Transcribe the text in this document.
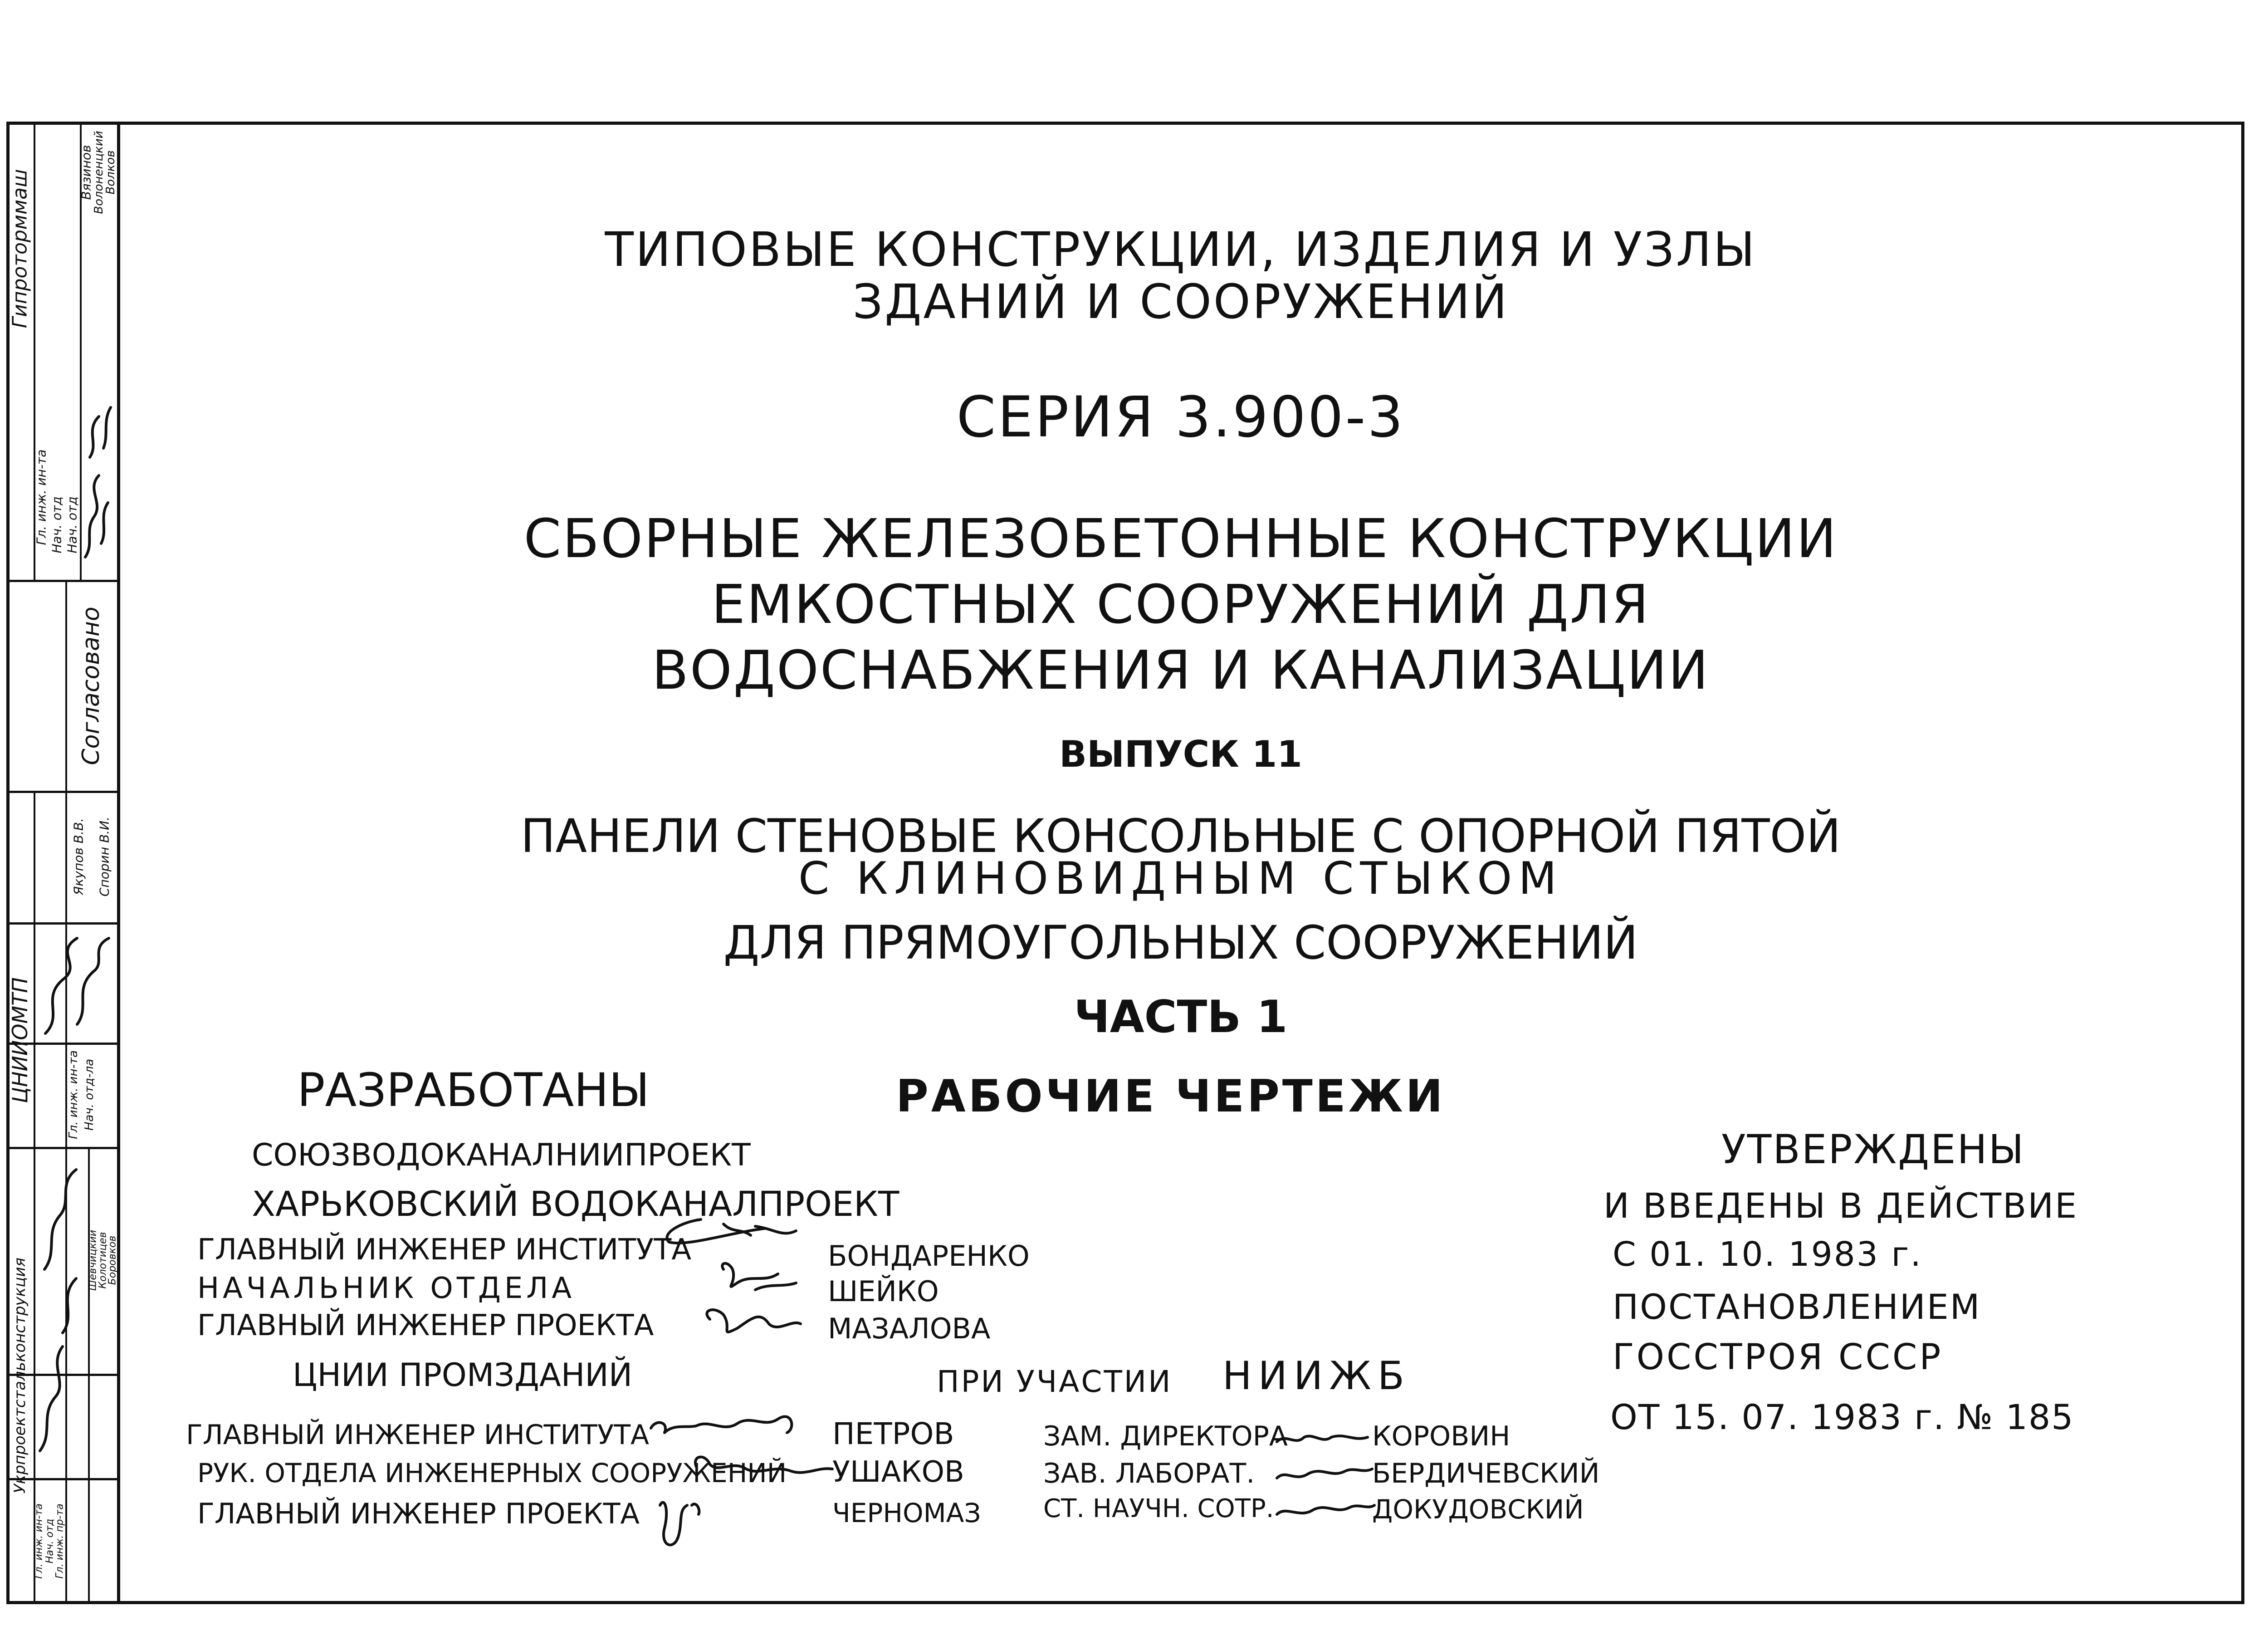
Гипроторммаш
Гл. инж. ин-та Нач. отд Нач. отд
Вязинов
Волоненцкий
Волков
Согласовано
ЦНИИОМТП	Гл. инж. ин-та Нач. отд-ла
Якупов В.В. Спорин В.И.
Укрпроектстальконструкция
Гл. инж. ин-та Нач. отд
Гл. инж. пр-та
Шевчицкий
Колотицев
Боровков
ТИПОВЫЕ КОНСТРУКЦИИ, ИЗДЕЛИЯ И УЗЛЫ
ЗДАНИЙ И СООРУЖЕНИЙ
СЕРИЯ 3.900-3
СБОРНЫЕ ЖЕЛЕЗОБЕТОННЫЕ КОНСТРУКЦИИ
ЕМКОСТНЫХ СООРУЖЕНИЙ ДЛЯ
ВОДОСНАБЖЕНИЯ И КАНАЛИЗАЦИИ
ВЫПУСК 11
ПАНЕЛИ СТЕНОВЫЕ КОНСОЛЬНЫЕ С ОПОРНОЙ ПЯТОЙ
С КЛИНОВИДНЫМ СТЫКОМ
ДЛЯ ПРЯМОУГОЛЬНЫХ СООРУЖЕНИЙ
ЧАСТЬ 1
РАБОЧИЕ ЧЕРТЕЖИ
РАЗРАБОТАНЫ
СОЮЗВОДОКАНАЛНИИПРОЕКТ
ХАРЬКОВСКИЙ ВОДОКАНАЛПРОЕКТ
ГЛАВНЫЙ ИНЖЕНЕР ИНСТИТУТА	БОНДАРЕНКО
НАЧАЛЬНИК ОТДЕЛА	ШЕЙКО
ГЛАВНЫЙ ИНЖЕНЕР ПРОЕКТА	МАЗАЛОВА
ЦНИИ ПРОМЗДАНИЙ	ПРИ УЧАСТИИ НИИЖБ
ГЛАВНЫЙ ИНЖЕНЕР ИНСТИТУТА	ПЕТРОВ
РУК. ОТДЕЛА ИНЖЕНЕРНЫХ СООРУЖЕНИЙ УШАКОВ
ГЛАВНЫЙ ИНЖЕНЕР ПРОЕКТА	ЧЕРНОМАЗ
ЗАМ. ДИРЕКТОРА	КОРОВИН
ЗАВ. ЛАБОРАТ.	БЕРДИЧЕВСКИЙ
СТ. НАУЧН. СОТР.	ДОКУДОВСКИЙ
УТВЕРЖДЕНЫ
И ВВЕДЕНЫ В ДЕЙСТВИЕ
С 01. 10. 1983 г.
ПОСТАНОВЛЕНИЕМ
ГОССТРОЯ СССР
ОТ 15. 07. 1983 г. № 185
